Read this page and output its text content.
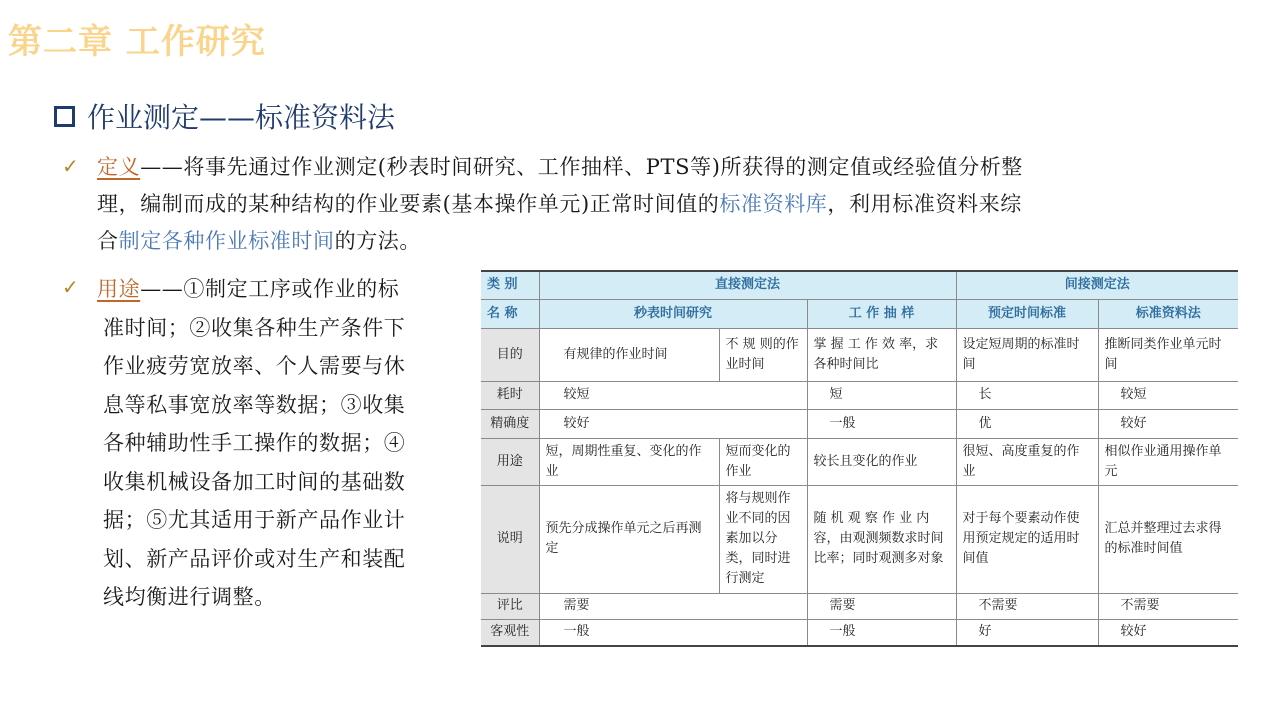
第二章 工作研究
作业测定——标准资料法
✓ 定义——将事先通过作业测定(秒表时间研究、工作抽样、PTS等)所获得的测定值或经验值分析整
理，编制而成的某种结构的作业要素(基本操作单元)正常时间值的标准资料库，利用标准资料来综
合制定各种作业标准时间的方法。
✓ 用途——①制定工序或作业的标
准时间；②收集各种生产条件下
作业疲劳宽放率、个人需要与休
息等私事宽放率等数据；③收集
各种辅助性手工操作的数据；④
收集机械设备加工时间的基础数
据；⑤尤其适用于新产品作业计
划、新产品评价或对生产和装配
线均衡进行调整。
类 别	直接测定法			间接测定法	
名 称	秒表时间研究		工 作 抽 样	预定时间标准	标准资料法
目的	有规律的作业时间	不 规 则的作业时间	掌 握 工 作 效 率，求各种时间比	设定短周期的标准时间	推断同类作业单元时间
耗时	较短		短	长	较短
精确度	较好		一般	优	较好
用途	短，周期性重复、变化的作业	短而变化的作业	较长且变化的作业	很短、高度重复的作业	相似作业通用操作单元
说明	预先分成操作单元之后再测定	将与规则作业不同的因素加以分类，同时进行测定	随 机 观 察 作 业 内容，由观测频数求时间比率；同时观测多对象	对于每个要素动作使用预定规定的适用时间值	汇总并整理过去求得的标准时间值
评比	需要		需要	不需要	不需要
客观性	一般		一般	好	较好
